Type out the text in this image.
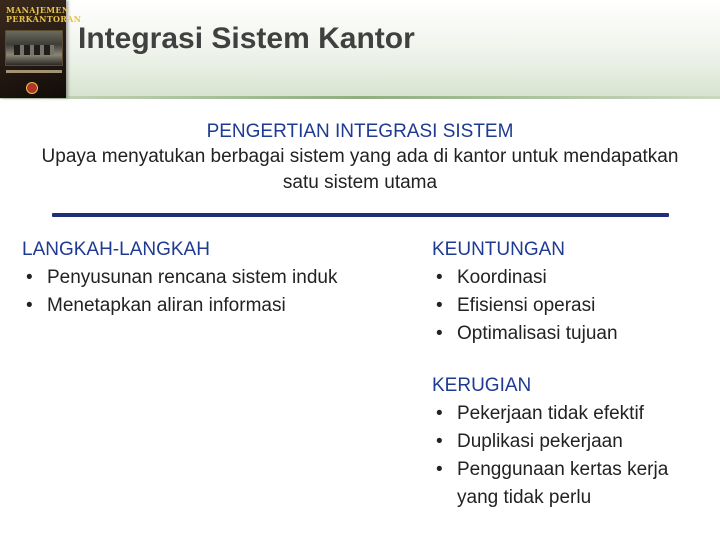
MANAJEMEN PERKANTORAN
Integrasi Sistem Kantor
PENGERTIAN INTEGRASI SISTEM
Upaya menyatukan berbagai sistem yang ada di kantor untuk mendapatkan satu sistem utama
LANGKAH-LANGKAH
• Penyusunan rencana sistem induk
• Menetapkan aliran informasi
KEUNTUNGAN
• Koordinasi
• Efisiensi operasi
• Optimalisasi tujuan
KERUGIAN
• Pekerjaan tidak efektif
• Duplikasi pekerjaan
• Penggunaan kertas kerja yang tidak perlu
